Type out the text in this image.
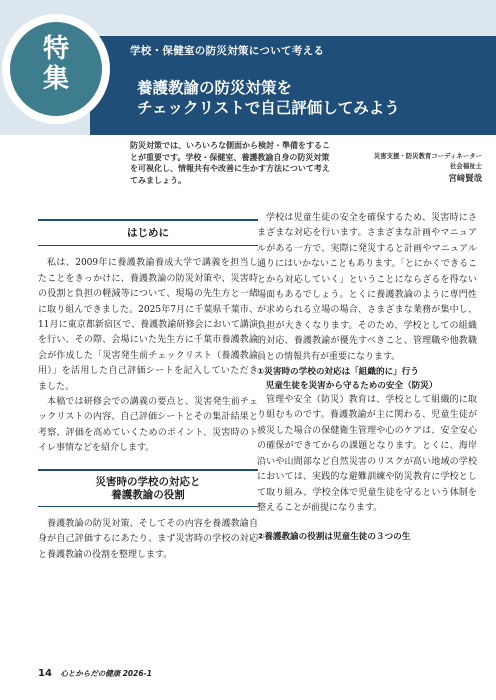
特
集
学校・保健室の防災対策について考える
養護教諭の防災対策を
チェックリストで自己評価してみよう
防災対策では、いろいろな側面から検討・準備をすることが重要です。学校・保健室、養護教諭自身の防災対策を可視化し、情報共有や改善に生かす方法について考えてみましょう。
災害支援・防災教育コーディネーター
社会福祉士
宮﨑賢哉
はじめに

私は、2009年に養護教諭養成大学で講義を担当したことをきっかけに、養護教論の防災対策や、災害時の役割と負担の軽減等について、現場の先生方と一緒に取り組んできました。2025年7月に千葉県千葉市、11月に東京都新宿区で、養護教諭研修会において講演を行い、その際、会場にいた先生方に千葉市養護教諭会が作成した「災害発生前チェックリスト（養護教諭用）」を活用した自己評価シートを記入していただきました。

本稿では研修会での講義の要点と、災害発生前チェックリストの内容、自己評価シートとその集計結果と考察、評価を高めていくためのポイント、災害時のトイレ事情などを紹介します。

災害時の学校の対応と
養護教諭の役割

養護教論の防災対策、そしてその内容を養護教諭自身が自己評価するにあたり、まず災害時の学校の対応と養護教諭の役割を整理します。

学校は児童生徒の安全を確保するため、災害時にさまざまな対応を行います。さまざまな計画やマニュアルがある一方で、実際に発災すると計画やマニュアル通りにはいかないこともあります。「とにかくできることから対応していく」ということにならざるを得ない場面もあるでしょう。とくに養護教論のように専門性が求められる立場の場合、さまざまな業務が集中し、負担が大きくなります。そのため、学校としての組織的対応、養護教諭が優先すべきこと、管理職や他教職員との情報共有が重要になります。

①災害時の学校の対応は「組織的に」行う
児童生徒を災害から守るための安全（防災）

管理や安全（防災）教育は、学校として組織的に取り組むものです。養護教諭が主に関わる、児童生徒が被災した場合の保健衛生管理や心のケアは、安全安心の確保ができてからの課題となります。とくに、海岸沿いや山間部など自然災害のリスクが高い地域の学校においては、実践的な避難訓練や防災教育に学校として取り組み、学校全体で児童生徒を守るという体制を整えることが前提になります。

②養護教諭の役割は児童生徒の３つの生
14 心とからだの健康 2026-1
